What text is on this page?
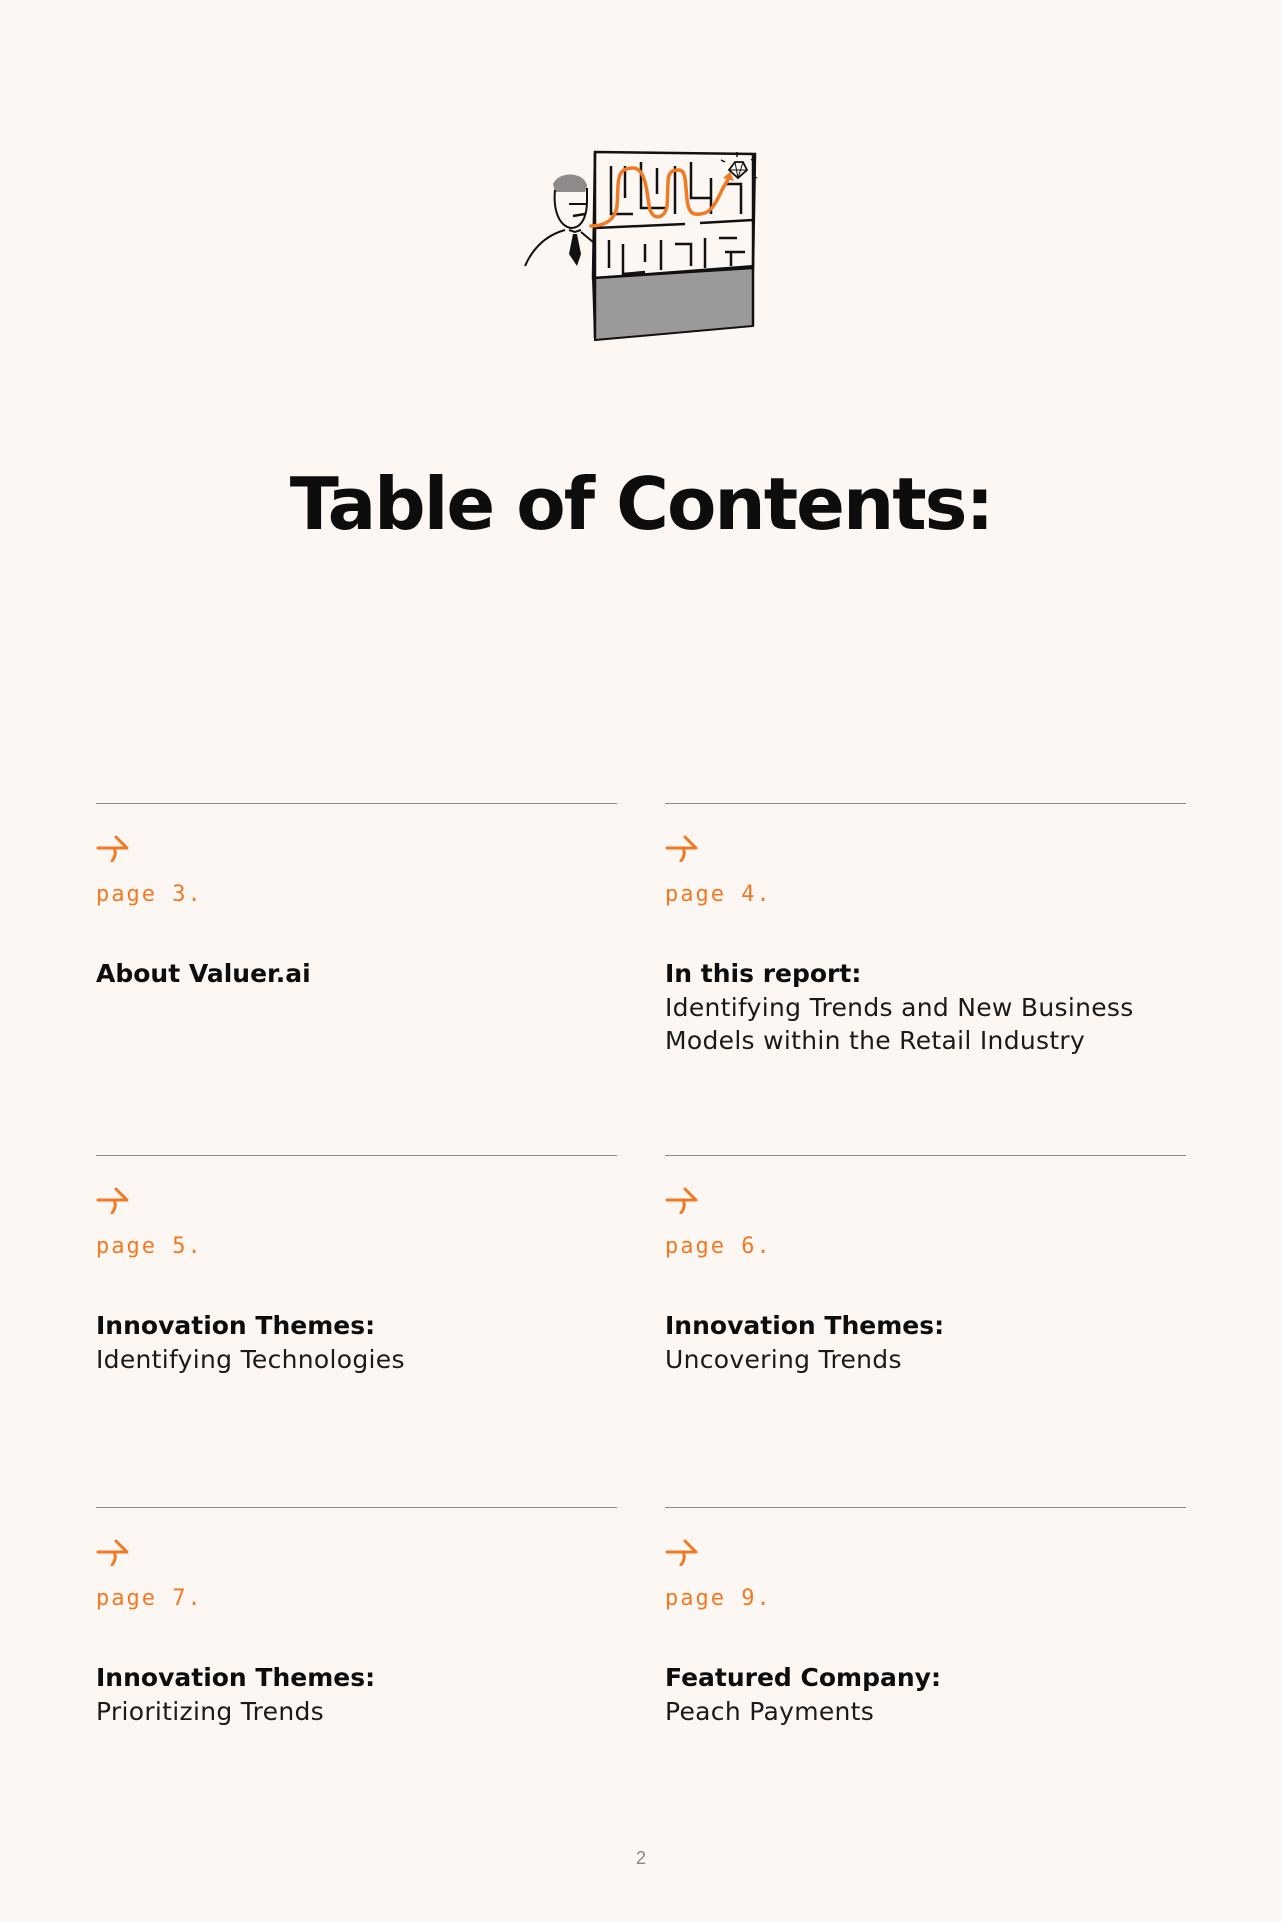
Table of Contents:
page 3.
About Valuer.ai
page 4.
In this report:
Identifying Trends and New Business Models within the Retail Industry
page 5.
Innovation Themes:
Identifying Technologies
page 6.
Innovation Themes:
Uncovering Trends
page 7.
Innovation Themes:
Prioritizing Trends
page 9.
Featured Company:
Peach Payments
2
